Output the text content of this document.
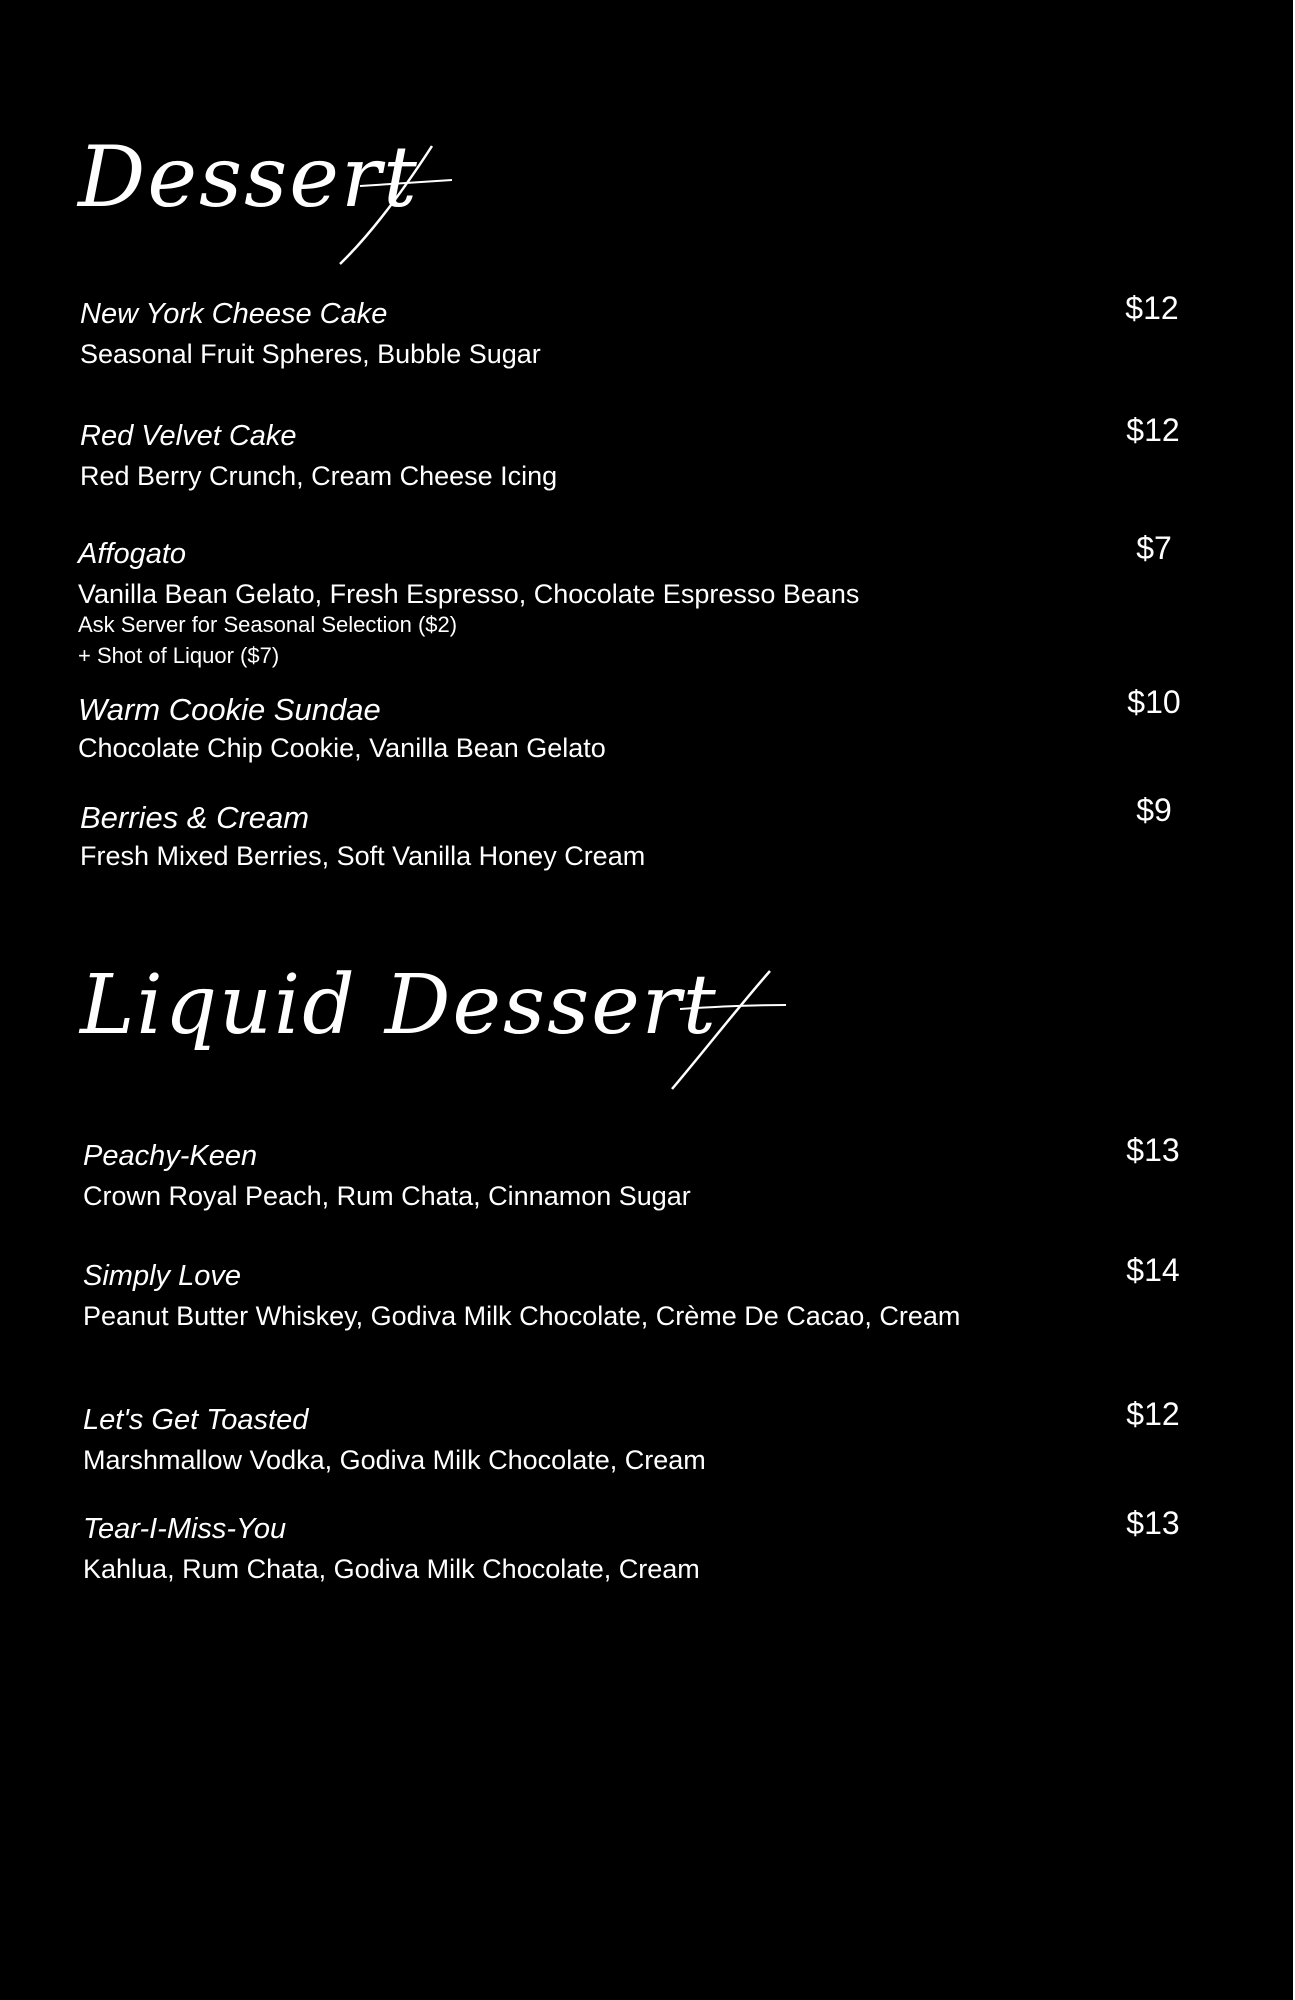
Dessert
New York Cheese Cake
Seasonal Fruit Spheres, Bubble Sugar
$12
Red Velvet Cake
Red Berry Crunch, Cream Cheese Icing
$12
Affogato
Vanilla Bean Gelato, Fresh Espresso, Chocolate Espresso Beans
Ask Server for Seasonal Selection ($2)
+ Shot of Liquor ($7)
$7
Warm Cookie Sundae
Chocolate Chip Cookie, Vanilla Bean Gelato
$10
Berries & Cream
Fresh Mixed Berries, Soft Vanilla Honey Cream
$9
Liquid Dessert
Peachy-Keen
Crown Royal Peach, Rum Chata, Cinnamon Sugar
$13
Simply Love
Peanut Butter Whiskey, Godiva Milk Chocolate, Crème De Cacao, Cream
$14
Let's Get Toasted
Marshmallow Vodka, Godiva Milk Chocolate, Cream
$12
Tear-I-Miss-You
Kahlua, Rum Chata, Godiva Milk Chocolate, Cream
$13
